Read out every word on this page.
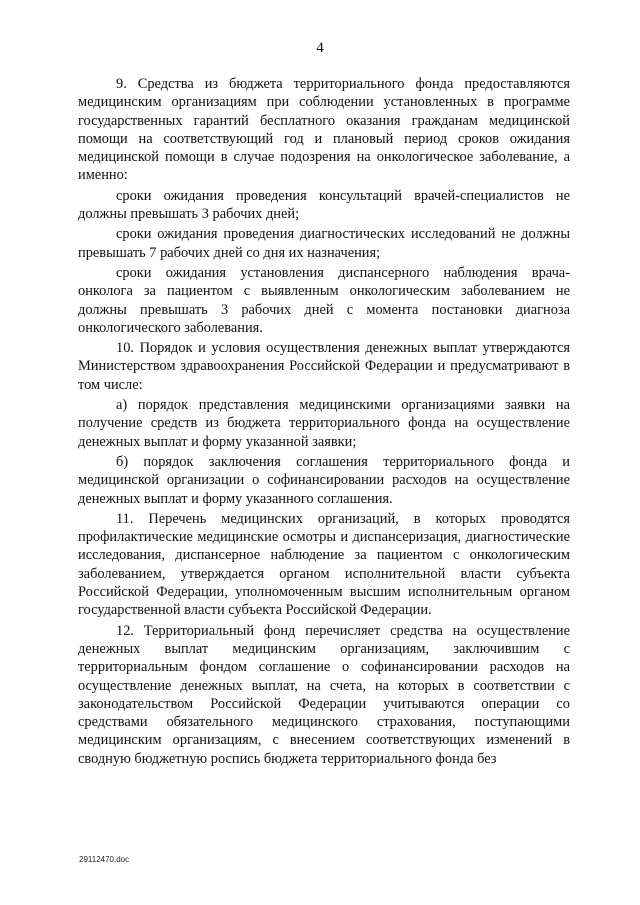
4

9. Средства из бюджета территориального фонда предоставляются медицинским организациям при соблюдении установленных в программе государственных гарантий бесплатного оказания гражданам медицинской помощи на соответствующий год и плановый период сроков ожидания медицинской помощи в случае подозрения на онкологическое заболевание, а именно:

сроки ожидания проведения консультаций врачей-специалистов не должны превышать 3 рабочих дней;

сроки ожидания проведения диагностических исследований не должны превышать 7 рабочих дней со дня их назначения;

сроки ожидания установления диспансерного наблюдения врача-онколога за пациентом с выявленным онкологическим заболеванием не должны превышать 3 рабочих дней с момента постановки диагноза онкологического заболевания.

10. Порядок и условия осуществления денежных выплат утверждаются Министерством здравоохранения Российской Федерации и предусматривают в том числе:

а) порядок представления медицинскими организациями заявки на получение средств из бюджета территориального фонда на осуществление денежных выплат и форму указанной заявки;

б) порядок заключения соглашения территориального фонда и медицинской организации о софинансировании расходов на осуществление денежных выплат и форму указанного соглашения.

11. Перечень медицинских организаций, в которых проводятся профилактические медицинские осмотры и диспансеризация, диагностические исследования, диспансерное наблюдение за пациентом с онкологическим заболеванием, утверждается органом исполнительной власти субъекта Российской Федерации, уполномоченным высшим исполнительным органом государственной власти субъекта Российской Федерации.

12. Территориальный фонд перечисляет средства на осуществление денежных выплат медицинским организациям, заключившим с территориальным фондом соглашение о софинансировании расходов на осуществление денежных выплат, на счета, на которых в соответствии с законодательством Российской Федерации учитываются операции со средствами обязательного медицинского страхования, поступающими медицинским организациям, с внесением соответствующих изменений в сводную бюджетную роспись бюджета территориального фонда без

29112470.doc
